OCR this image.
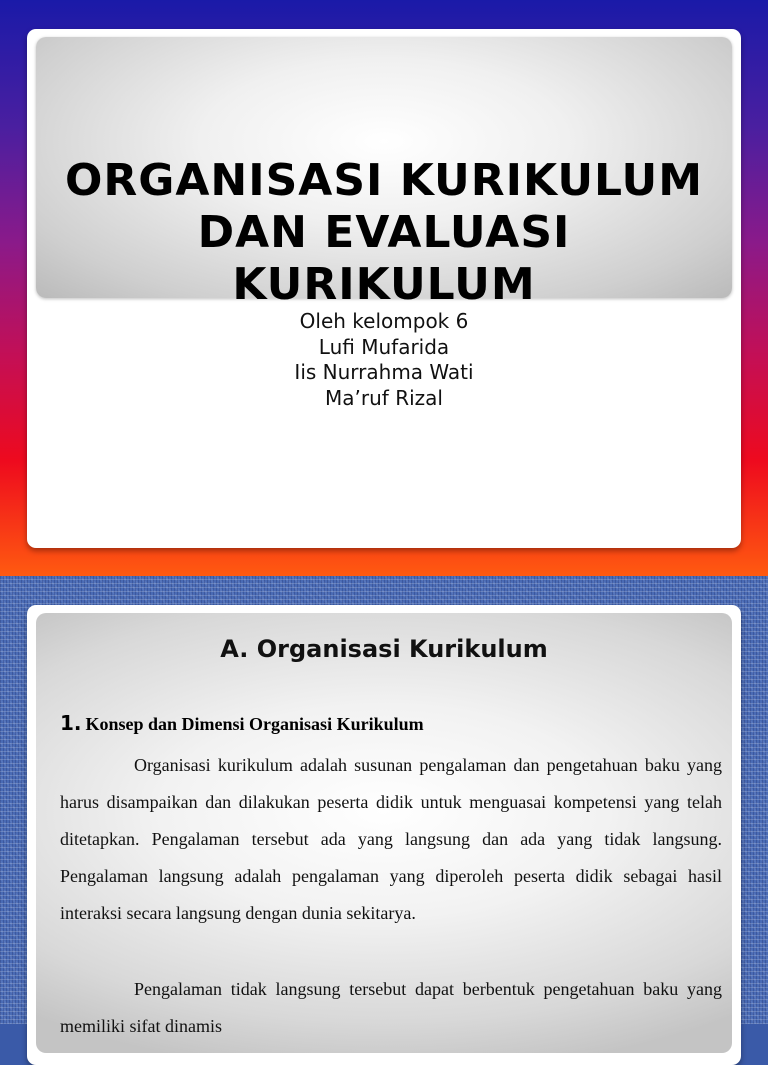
ORGANISASI KURIKULUM
DAN EVALUASI
KURIKULUM
Oleh kelompok 6
Lufi Mufarida
Iis Nurrahma Wati
Ma’ruf Rizal
A. Organisasi Kurikulum
1. Konsep dan Dimensi Organisasi Kurikulum

Organisasi kurikulum adalah susunan pengalaman dan pengetahuan baku yang harus disampaikan dan dilakukan peserta didik untuk menguasai kompetensi yang telah ditetapkan. Pengalaman tersebut ada yang langsung dan ada yang tidak langsung. Pengalaman langsung adalah pengalaman yang diperoleh peserta didik sebagai hasil interaksi secara langsung dengan dunia sekitarya.

Pengalaman tidak langsung tersebut dapat berbentuk pengetahuan baku yang memiliki sifat dinamis
